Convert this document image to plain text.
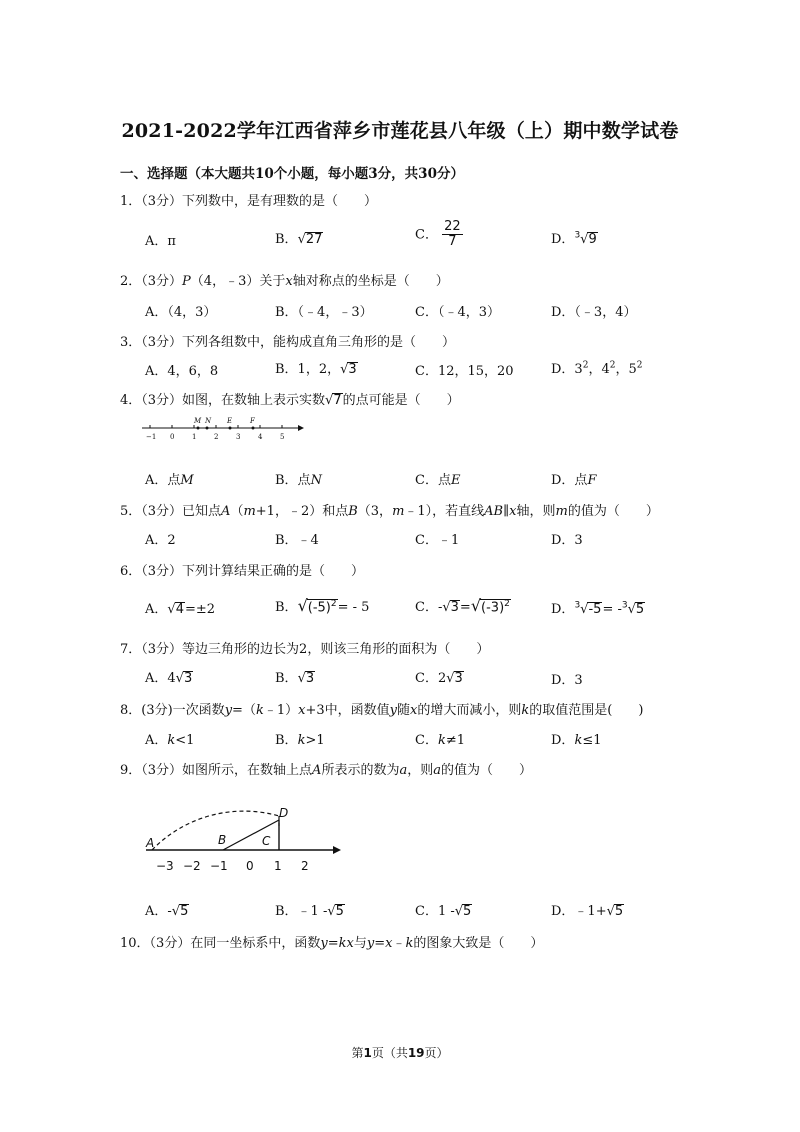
2021-2022学年江西省萍乡市莲花县八年级（上）期中数学试卷
一、选择题（本大题共10个小题，每小题3分，共30分）
1．（3分）下列数中，是有理数的是（　　）
A．π	B．√27	C． $\frac{22}{7}$	D．$^3$√9
2．（3分）P（4，﹣3）关于x轴对称点的坐标是（　　）
A．（4，3）	B．（﹣4，﹣3）	C．（﹣4，3）	D．（﹣3，4）
3．（3分）下列各组数中，能构成直角三角形的是（　　）
A．4，6，8	B．1，2，√3	C．12，15，20	D．$3^2$，$4^2$，$5^2$
4．（3分）如图，在数轴上表示实数√7的点可能是（　　）
−1 0	1	2	3	4	5
M N E	F
A．点M	B．点N	C．点E	D．点F
5．（3分）已知点A（m+1，﹣2）和点B（3，m﹣1），若直线AB∥x轴，则m的值为（　　）
A．2	B．﹣4	C．﹣1	D．3
6．（3分）下列计算结果正确的是（　　）
A．√4=±2	B．$√(-5)^2= - 5$	C．$-√3=√(-3)^2$	D．$^3$√-5= -$^3$√5
7．（3分）等边三角形的边长为2，则该三角形的面积为（　　）
A．4√3	B．√3	C．2√3	D．3
8．(3分)一次函数y=（k﹣1）x+3中，函数值y随x的增大而减小，则k的取值范围是(　　)
A．k<1	B．k>1	C．k≠1	D．k≤1
9．（3分）如图所示，在数轴上点A所表示的数为a，则a的值为（　　）
−3 −2 −1 0 1 2
A	B	C
D
A．-√5	B．﹣1 -√5	C．1 -√5	D．﹣1+√5
10．（3分）在同一坐标系中，函数y=kx与y=x﹣k的图象大致是（　　）
第1页（共19页）
